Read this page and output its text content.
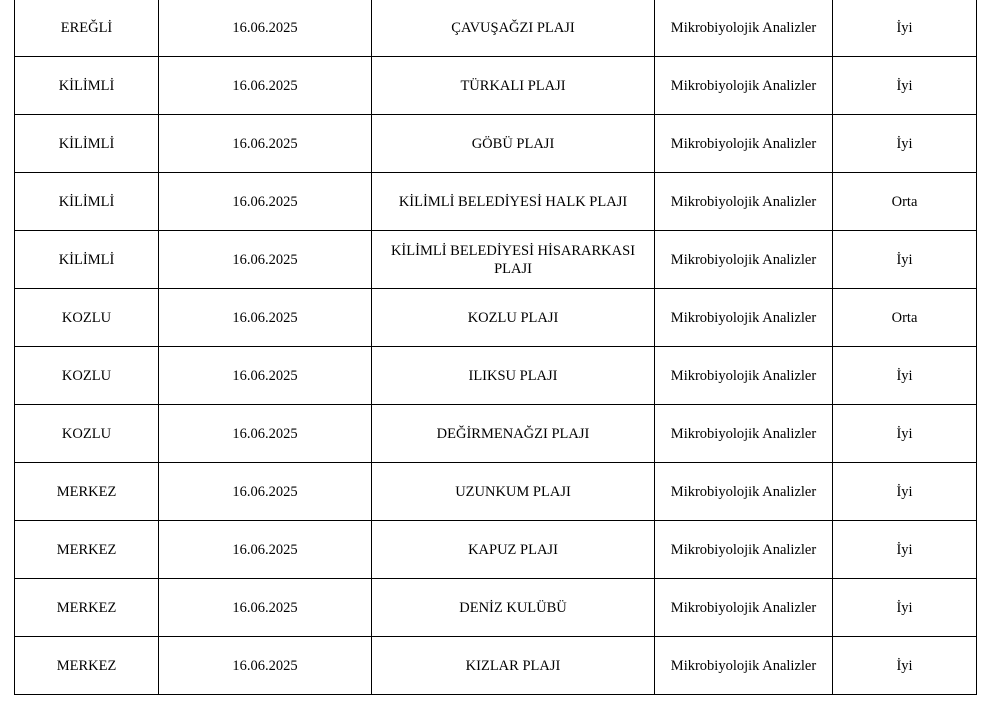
EREĞLİ	16.06.2025	ÇAVUŞAĞZI PLAJI	Mikrobiyolojik Analizler	İyi
KİLİMLİ	16.06.2025	TÜRKALI PLAJI	Mikrobiyolojik Analizler	İyi
KİLİMLİ	16.06.2025	GÖBÜ PLAJI	Mikrobiyolojik Analizler	İyi
KİLİMLİ	16.06.2025	KİLİMLİ BELEDİYESİ HALK PLAJI	Mikrobiyolojik Analizler	Orta
KİLİMLİ	16.06.2025	KİLİMLİ BELEDİYESİ HİSARARKASI PLAJI	Mikrobiyolojik Analizler	İyi
KOZLU	16.06.2025	KOZLU PLAJI	Mikrobiyolojik Analizler	Orta
KOZLU	16.06.2025	ILIKSU PLAJI	Mikrobiyolojik Analizler	İyi
KOZLU	16.06.2025	DEĞİRMENAĞZI PLAJI	Mikrobiyolojik Analizler	İyi
MERKEZ	16.06.2025	UZUNKUM PLAJI	Mikrobiyolojik Analizler	İyi
MERKEZ	16.06.2025	KAPUZ PLAJI	Mikrobiyolojik Analizler	İyi
MERKEZ	16.06.2025	DENİZ KULÜBÜ	Mikrobiyolojik Analizler	İyi
MERKEZ	16.06.2025	KIZLAR PLAJI	Mikrobiyolojik Analizler	İyi
